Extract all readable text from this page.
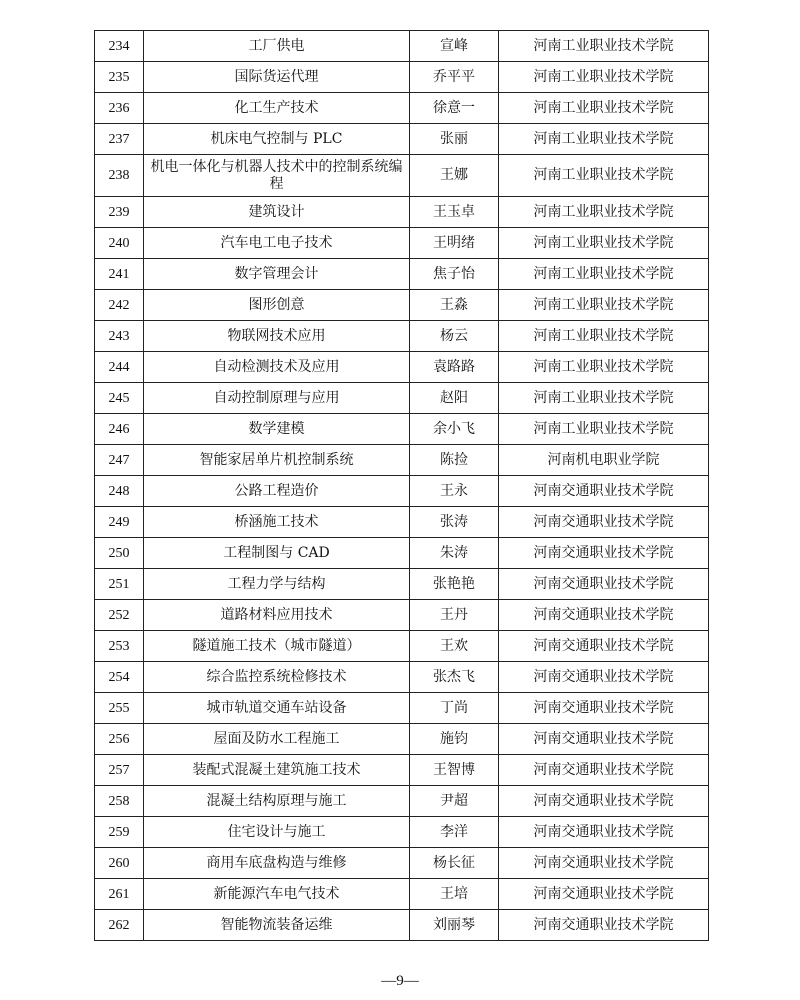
234	工厂供电	宣峰	河南工业职业技术学院
235	国际货运代理	乔平平	河南工业职业技术学院
236	化工生产技术	徐意一	河南工业职业技术学院
237	机床电气控制与 PLC	张丽	河南工业职业技术学院
238	机电一体化与机器人技术中的控制系统编程	王娜	河南工业职业技术学院
239	建筑设计	王玉卓	河南工业职业技术学院
240	汽车电工电子技术	王明绪	河南工业职业技术学院
241	数字管理会计	焦子怡	河南工业职业技术学院
242	图形创意	王淼	河南工业职业技术学院
243	物联网技术应用	杨云	河南工业职业技术学院
244	自动检测技术及应用	袁路路	河南工业职业技术学院
245	自动控制原理与应用	赵阳	河南工业职业技术学院
246	数学建模	余小飞	河南工业职业技术学院
247	智能家居单片机控制系统	陈捡	河南机电职业学院
248	公路工程造价	王永	河南交通职业技术学院
249	桥涵施工技术	张涛	河南交通职业技术学院
250	工程制图与 CAD	朱涛	河南交通职业技术学院
251	工程力学与结构	张艳艳	河南交通职业技术学院
252	道路材料应用技术	王丹	河南交通职业技术学院
253	隧道施工技术（城市隧道）	王欢	河南交通职业技术学院
254	综合监控系统检修技术	张杰飞	河南交通职业技术学院
255	城市轨道交通车站设备	丁尚	河南交通职业技术学院
256	屋面及防水工程施工	施钧	河南交通职业技术学院
257	装配式混凝土建筑施工技术	王智博	河南交通职业技术学院
258	混凝土结构原理与施工	尹超	河南交通职业技术学院
259	住宅设计与施工	李洋	河南交通职业技术学院
260	商用车底盘构造与维修	杨长征	河南交通职业技术学院
261	新能源汽车电气技术	王培	河南交通职业技术学院
262	智能物流装备运维	刘丽琴	河南交通职业技术学院
—9—
